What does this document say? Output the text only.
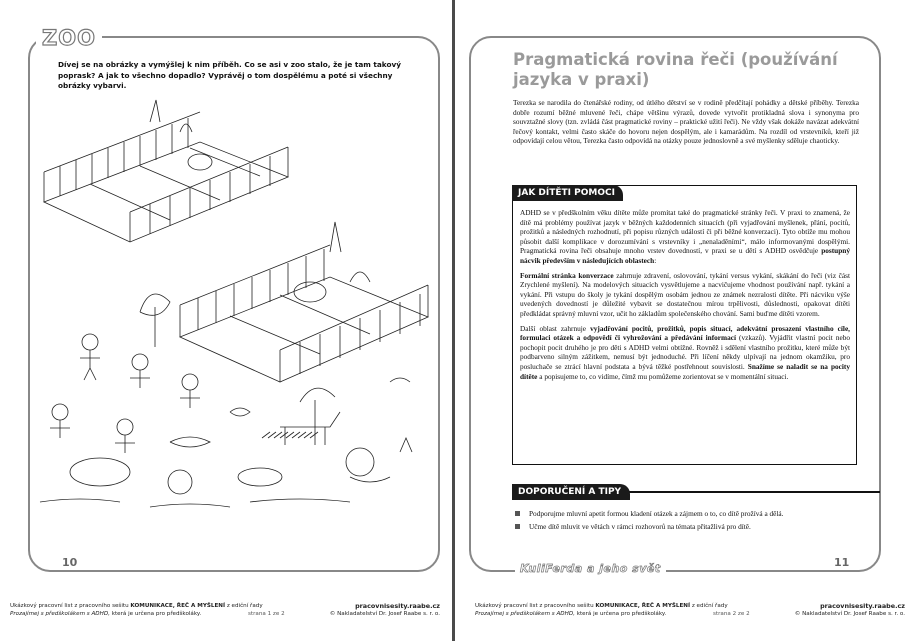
ZOO
Dívej se na obrázky a vymýšlej k nim příběh. Co se asi v zoo stalo, že je tam takový poprask? A jak to všechno dopadlo? Vyprávěj o tom dospělému a poté si všechny obrázky vybarvi.
10
Ukázkový pracovní list z pracovního sešitu KOMUNIKACE, ŘEČ A MYŠLENÍ z ediční řady
Prozajímej s předškolákem s ADHD, která je určena pro předškoláky.	strana 1 ze 2
pracovnisesity.raabe.cz
© Nakladatelství Dr. Josef Raabe s. r. o.
Pragmatická rovina řeči (používání jazyka v praxi)
Terezka se narodila do čtenářské rodiny, od útlého dětství se v rodině předčítají pohádky a dětské příběhy. Terezka dobře rozumí běžné mluvené řeči, chápe většinu výrazů, dovede vytvořit protikladná slova i synonyma pro souvztažné slovy (tzn. zvládá část pragmatické roviny – praktické užití řeči). Ne vždy však dokáže navázat adekvátní řečový kontakt, velmi často skáče do hovoru nejen dospělým, ale i kamarádům. Na rozdíl od vrstevníků, kteří již odpovídají celou větou, Terezka často odpovídá na otázky pouze jednoslovně a své myšlenky sděluje chaoticky.
JAK DÍTĚTI POMOCI

ADHD se v předškolním věku dítěte může promítat také do pragmatické stránky řeči. V praxi to znamená, že dítě má problémy používat jazyk v běžných každodenních situacích (při vyjadřování myšlenek, přání, pocitů, prožitků a následných rozhodnutí, při popisu různých událostí či při běžné konverzaci). Tyto obtíže mu mohou působit další komplikace v dorozumívání s vrstevníky i „nenaladěními“, málo informovanými dospělými. Pragmatická rovina řeči obsahuje mnoho vrstev dovedností, v praxi se u dětí s ADHD osvědčuje postupný nácvik především v následujících oblastech:

Formální stránka konverzace zahrnuje zdravení, oslovování, tykání versus vykání, skákání do řeči (viz část Zrychlené myšlení). Na modelových situacích vysvětlujeme a nacvičujeme vhodnost používání např. tykání a vykání. Při vstupu do školy je tykání dospělým osobám jednou ze známek nezralosti dítěte. Při nácviku výše uvedených dovedností je důležité vybavit se dostatečnou mírou trpělivosti, důslednosti, opakovat dítěti předkládat správný mluvní vzor, učit ho základům společenského chování. Sami buďme dítěti vzorem.

Další oblast zahrnuje vyjadřování pocitů, prožitků, popis situací, adekvátní prosazení vlastního cíle, formulaci otázek a odpovědí či vyhrožování a předávání informací (vzkazů). Vyjádřit vlastní pocit nebo pochopit pocit druhého je pro děti s ADHD velmi obtížné. Rovněž i sdělení vlastního prožitku, které může být podbarveno silným zážitkem, nemusí být jednoduché. Při líčení někdy ulpívají na jednom okamžiku, pro posluchače se ztrácí hlavní podstata a bývá těžké postřehnout souvislosti. Snažíme se naladit se na pocity dítěte a popisujeme to, co vidíme, čímž mu pomůžeme zorientovat se v momentální situaci.

DOPORUČENÍ A TIPY
Podporujme mluvní apetit formou kladení otázek a zájmem o to, co dítě prožívá a dělá.
Učme dítě mluvit ve větách v rámci rozhovorů na témata přitažlivá pro dítě.
KuliFerdа a jeho svět	11
Ukázkový pracovní list z pracovního sešitu KOMUNIKACE, ŘEČ A MYŠLENÍ z ediční řady
Prozajímej s předškolákem s ADHD, která je určena pro předškoláky.	strana 2 ze 2
pracovnisesity.raabe.cz
© Nakladatelství Dr. Josef Raabe s. r. o.
